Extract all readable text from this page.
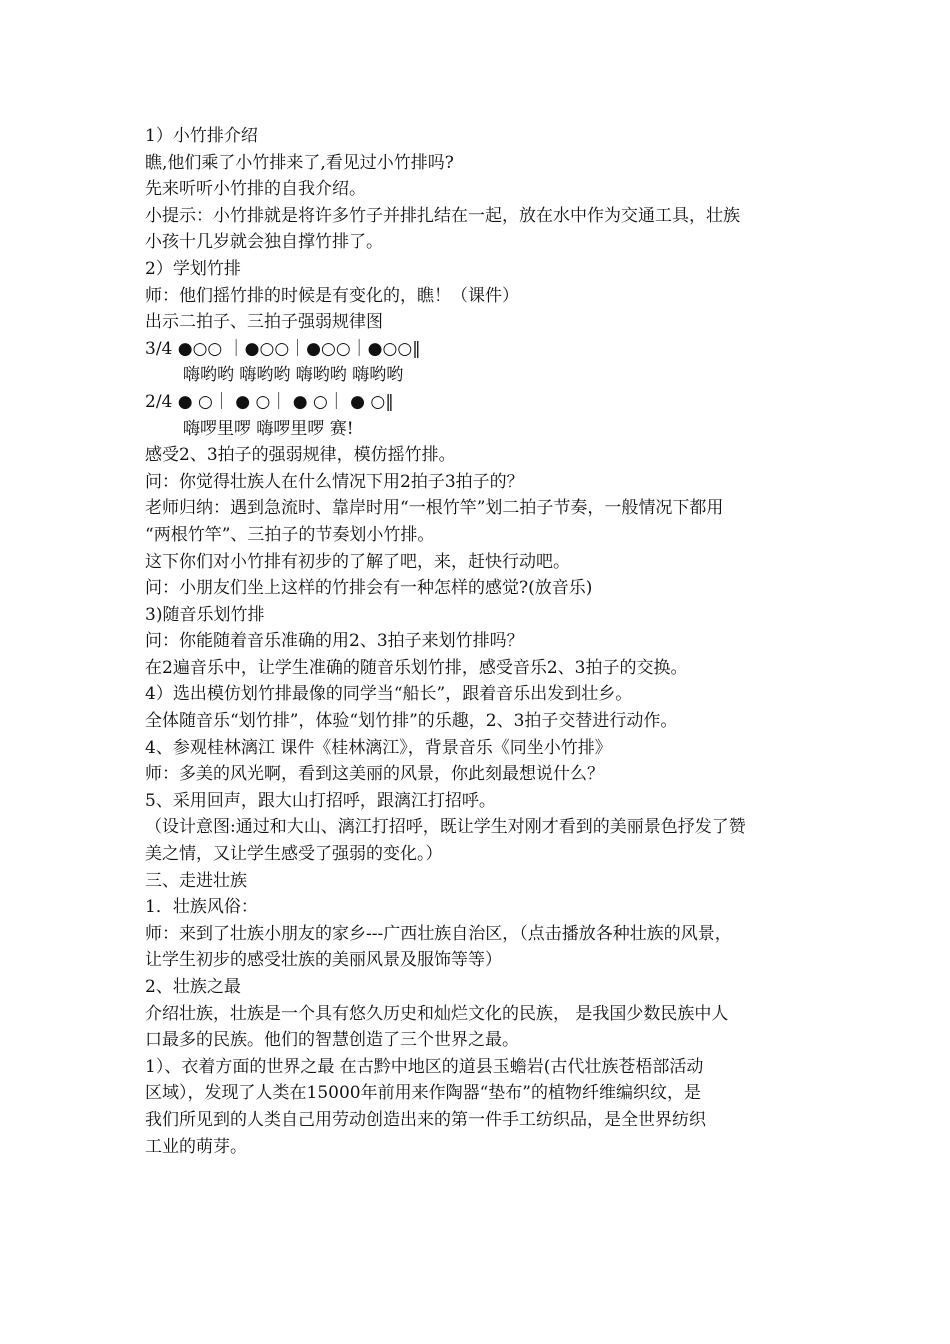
1）小竹排介绍
瞧,他们乘了小竹排来了,看见过小竹排吗?
先来听听小竹排的自我介绍。
小提示：小竹排就是将许多竹子并排扎结在一起，放在水中作为交通工具，壮族
小孩十几岁就会独自撑竹排了。
2）学划竹排
师：他们摇竹排的时候是有变化的，瞧！（课件）
出示二拍子、三拍子强弱规律图
3/4 ●○○ ｜●○○｜●○○｜●○○‖
嗨哟哟 嗨哟哟 嗨哟哟 嗨哟哟
2/4 ● ○｜ ● ○｜ ● ○｜ ● ○‖
嗨啰里啰 嗨啰里啰 赛!
感受2、3拍子的强弱规律，模仿摇竹排。
问：你觉得壮族人在什么情况下用2拍子3拍子的？
老师归纳：遇到急流时、靠岸时用“一根竹竿”划二拍子节奏，一般情况下都用
“两根竹竿”、三拍子的节奏划小竹排。
这下你们对小竹排有初步的了解了吧，来，赶快行动吧。
问：小朋友们坐上这样的竹排会有一种怎样的感觉?(放音乐)
3)随音乐划竹排
问：你能随着音乐准确的用2、3拍子来划竹排吗？
在2遍音乐中，让学生准确的随音乐划竹排，感受音乐2、3拍子的交换。
4）选出模仿划竹排最像的同学当“船长”，跟着音乐出发到壮乡。
全体随音乐“划竹排”，体验“划竹排”的乐趣，2、3拍子交替进行动作。
4、参观桂林漓江 课件《桂林漓江》，背景音乐《同坐小竹排》
师：多美的风光啊，看到这美丽的风景，你此刻最想说什么？
5、采用回声，跟大山打招呼，跟漓江打招呼。
（设计意图:通过和大山、漓江打招呼，既让学生对刚才看到的美丽景色抒发了赞
美之情，又让学生感受了强弱的变化。）
三、走进壮族
1．壮族风俗：
师：来到了壮族小朋友的家乡---广西壮族自治区，（点击播放各种壮族的风景，
让学生初步的感受壮族的美丽风景及服饰等等）
2、壮族之最
介绍壮族，壮族是一个具有悠久历史和灿烂文化的民族， 是我国少数民族中人
口最多的民族。他们的智慧创造了三个世界之最。
1）、衣着方面的世界之最 在古黔中地区的道县玉蟾岩(古代壮族苍梧部活动
区域），发现了人类在15000年前用来作陶器“垫布”的植物纤维编织纹，是
我们所见到的人类自己用劳动创造出来的第一件手工纺织品，是全世界纺织
工业的萌芽。
